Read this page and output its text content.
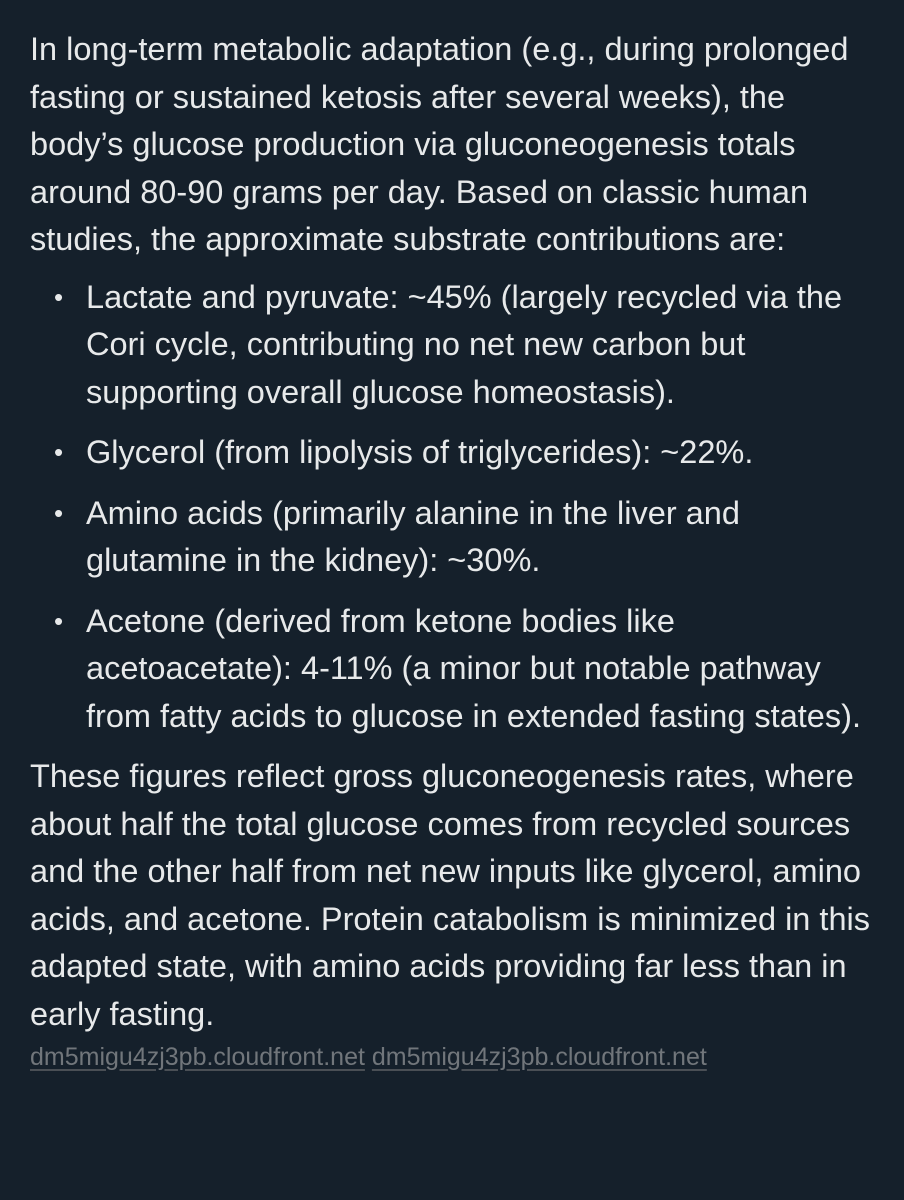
In long-term metabolic adaptation (e.g., during prolonged fasting or sustained ketosis after several weeks), the body’s glucose production via gluconeogenesis totals around 80-90 grams per day. Based on classic human studies, the approximate substrate contributions are:

• Lactate and pyruvate: ~45% (largely recycled via the Cori cycle, contributing no net new carbon but supporting overall glucose homeostasis).
• Glycerol (from lipolysis of triglycerides): ~22%.
• Amino acids (primarily alanine in the liver and glutamine in the kidney): ~30%.
• Acetone (derived from ketone bodies like acetoacetate): 4-11% (a minor but notable pathway from fatty acids to glucose in extended fasting states).

These figures reflect gross gluconeogenesis rates, where about half the total glucose comes from recycled sources and the other half from net new inputs like glycerol, amino acids, and acetone. Protein catabolism is minimized in this adapted state, with amino acids providing far less than in early fasting.

dm5migu4zj3pb.cloudfront.net dm5migu4zj3pb.cloudfront.net
